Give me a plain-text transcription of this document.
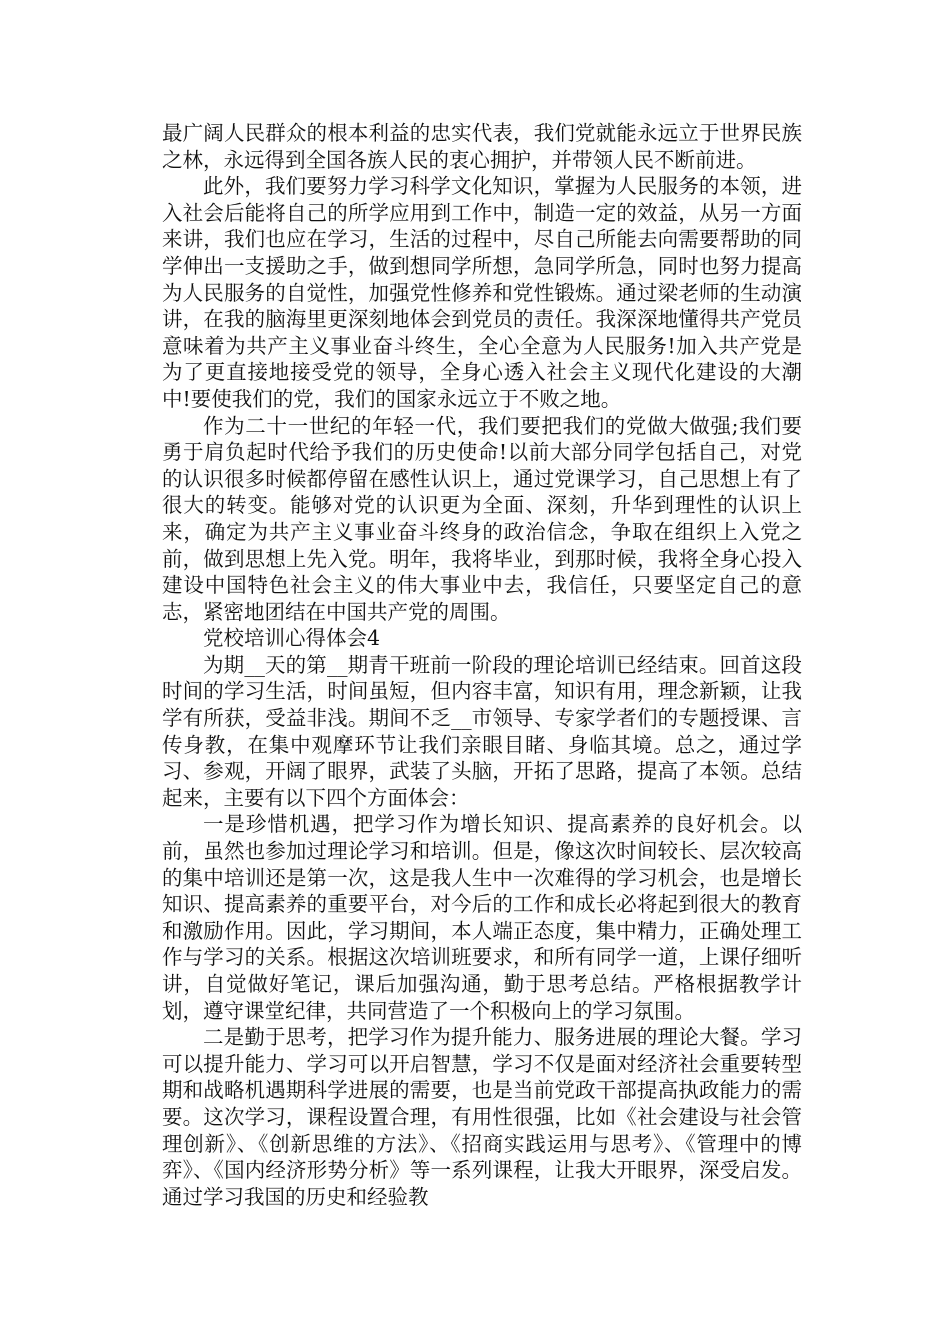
最广阔人民群众的根本利益的忠实代表，我们党就能永远立于世界民族之林，永远得到全国各族人民的衷心拥护，并带领人民不断前进。

此外，我们要努力学习科学文化知识，掌握为人民服务的本领，进入社会后能将自己的所学应用到工作中，制造一定的效益，从另一方面来讲，我们也应在学习，生活的过程中，尽自己所能去向需要帮助的同学伸出一支援助之手，做到想同学所想，急同学所急，同时也努力提高为人民服务的自觉性，加强党性修养和党性锻炼。通过梁老师的生动演讲，在我的脑海里更深刻地体会到党员的责任。我深深地懂得共产党员意味着为共产主义事业奋斗终生，全心全意为人民服务!加入共产党是为了更直接地接受党的领导，全身心透入社会主义现代化建设的大潮中!要使我们的党，我们的国家永远立于不败之地。

作为二十一世纪的年轻一代，我们要把我们的党做大做强;我们要勇于肩负起时代给予我们的历史使命!以前大部分同学包括自己，对党的认识很多时候都停留在感性认识上，通过党课学习，自己思想上有了很大的转变。能够对党的认识更为全面、深刻，升华到理性的认识上来，确定为共产主义事业奋斗终身的政治信念，争取在组织上入党之前，做到思想上先入党。明年，我将毕业，到那时候，我将全身心投入建设中国特色社会主义的伟大事业中去，我信任，只要坚定自己的意志，紧密地团结在中国共产党的周围。

党校培训心得体会4

为期__天的第__期青干班前一阶段的理论培训已经结束。回首这段时间的学习生活，时间虽短，但内容丰富，知识有用，理念新颖，让我学有所获，受益非浅。期间不乏__市领导、专家学者们的专题授课、言传身教，在集中观摩环节让我们亲眼目睹、身临其境。总之，通过学习、参观，开阔了眼界，武装了头脑，开拓了思路，提高了本领。总结起来，主要有以下四个方面体会：

一是珍惜机遇，把学习作为增长知识、提高素养的良好机会。以前，虽然也参加过理论学习和培训。但是，像这次时间较长、层次较高的集中培训还是第一次，这是我人生中一次难得的学习机会，也是增长知识、提高素养的重要平台，对今后的工作和成长必将起到很大的教育和激励作用。因此，学习期间，本人端正态度，集中精力，正确处理工作与学习的关系。根据这次培训班要求，和所有同学一道，上课仔细听讲，自觉做好笔记，课后加强沟通，勤于思考总结。严格根据教学计划，遵守课堂纪律，共同营造了一个积极向上的学习氛围。

二是勤于思考，把学习作为提升能力、服务进展的理论大餐。学习可以提升能力、学习可以开启智慧，学习不仅是面对经济社会重要转型期和战略机遇期科学进展的需要，也是当前党政干部提高执政能力的需要。这次学习，课程设置合理，有用性很强，比如《社会建设与社会管理创新》、《创新思维的方法》、《招商实践运用与思考》、《管理中的博弈》、《国内经济形势分析》等一系列课程，让我大开眼界，深受启发。通过学习我国的历史和经验教
